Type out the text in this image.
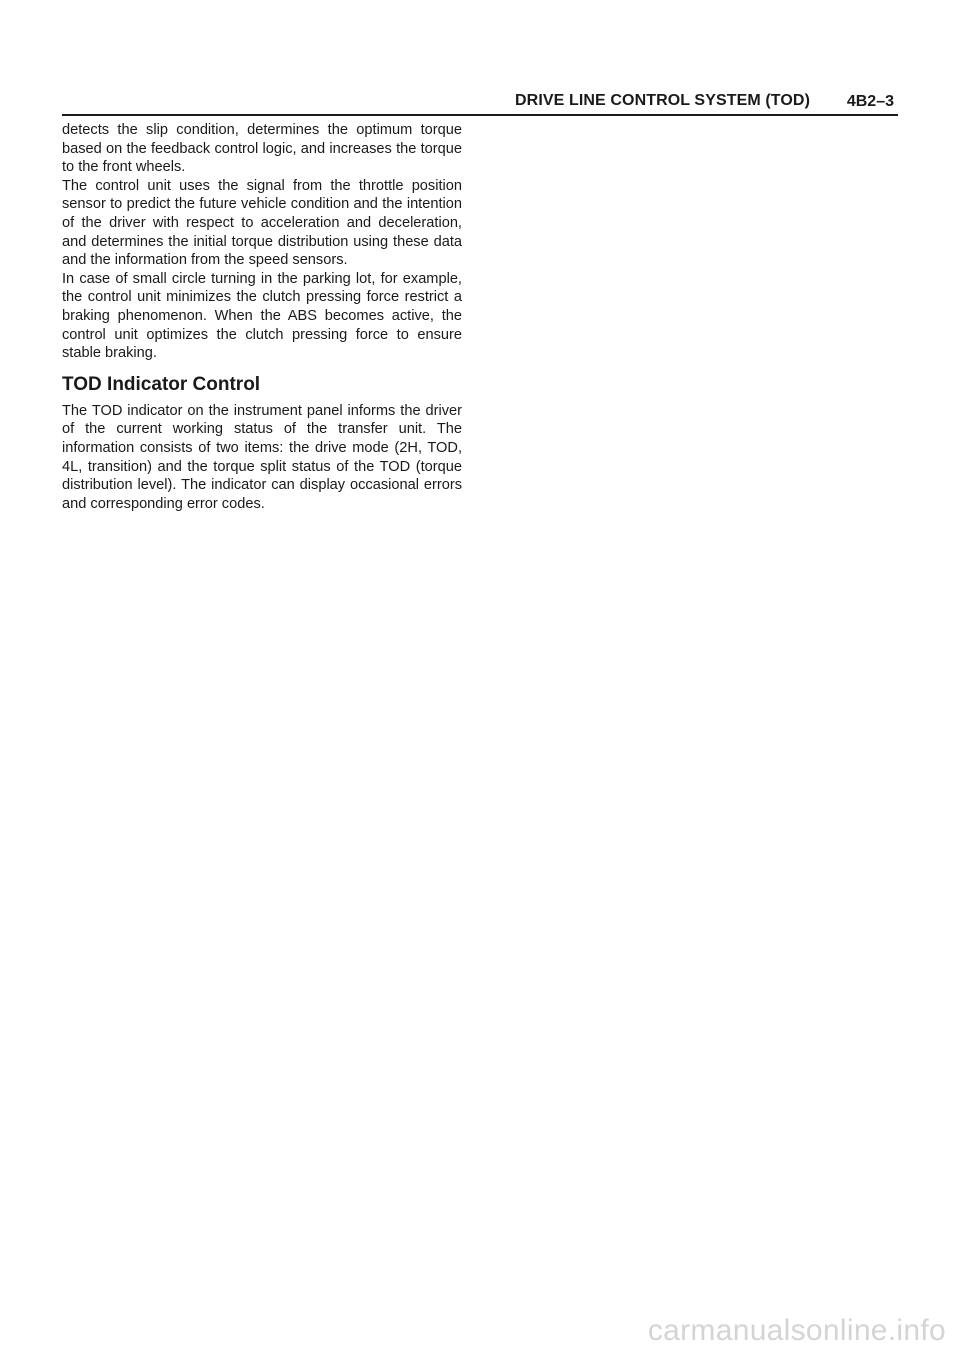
DRIVE LINE CONTROL SYSTEM (TOD) 4B2–3

detects the slip condition, determines the optimum torque based on the feedback control logic, and increases the torque to the front wheels.

The control unit uses the signal from the throttle position sensor to predict the future vehicle condition and the intention of the driver with respect to acceleration and deceleration, and determines the initial torque distribution using these data and the information from the speed sensors.

In case of small circle turning in the parking lot, for example, the control unit minimizes the clutch pressing force restrict a braking phenomenon. When the ABS becomes active, the control unit optimizes the clutch pressing force to ensure stable braking.

TOD Indicator Control

The TOD indicator on the instrument panel informs the driver of the current working status of the transfer unit. The information consists of two items: the drive mode (2H, TOD, 4L, transition) and the torque split status of the TOD (torque distribution level). The indicator can display occasional errors and corresponding error codes.

carmanualsonline.info
